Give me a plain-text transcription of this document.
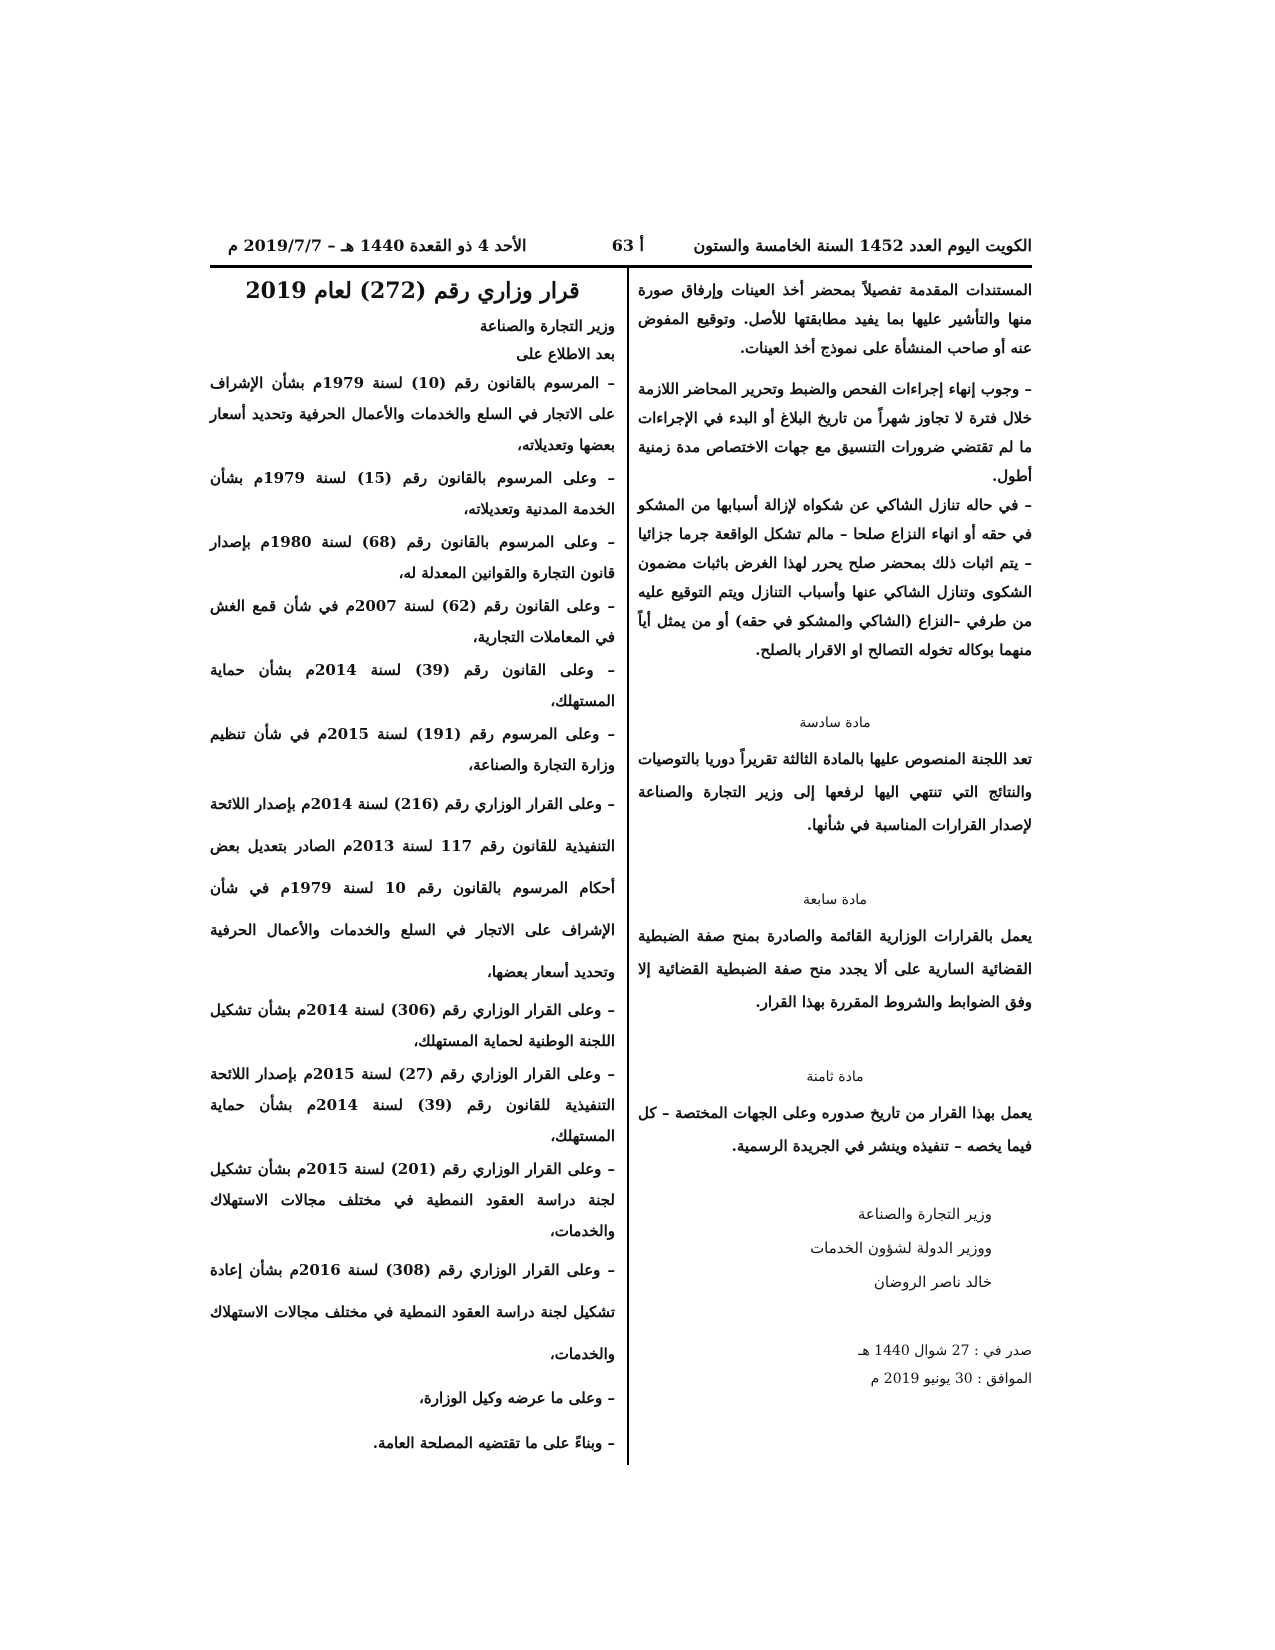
الكويت اليوم العدد 1452 السنة الخامسة والستون
أ 63
الأحد 4 ذو القعدة 1440 هـ – 2019/7/7 م

المستندات المقدمة تفصيلاً بمحضر أخذ العينات وإرفاق صورة منها والتأشير عليها بما يفيد مطابقتها للأصل. وتوقيع المفوض عنه أو صاحب المنشأة على نموذج أخذ العينات.

– وجوب إنهاء إجراءات الفحص والضبط وتحرير المحاضر اللازمة خلال فترة لا تجاوز شهراً من تاريخ البلاغ أو البدء في الإجراءات ما لم تقتضي ضرورات التنسيق مع جهات الاختصاص مدة زمنية أطول.

– في حاله تنازل الشاكي عن شكواه لإزالة أسبابها من المشكو في حقه أو انهاء النزاع صلحا – مالم تشكل الواقعة جرما جزائيا – يتم اثبات ذلك بمحضر صلح يحرر لهذا الغرض باثبات مضمون الشكوى وتنازل الشاكي عنها وأسباب التنازل ويتم التوقيع عليه من طرفي –النزاع (الشاكي والمشكو في حقه) أو من يمثل أياً منهما بوكاله تخوله التصالح او الاقرار بالصلح.

مادة سادسة

تعد اللجنة المنصوص عليها بالمادة الثالثة تقريراً دوريا بالتوصيات والنتائج التي تنتهي اليها لرفعها إلى وزير التجارة والصناعة لإصدار القرارات المناسبة في شأنها.

مادة سابعة

يعمل بالقرارات الوزارية القائمة والصادرة بمنح صفة الضبطية القضائية السارية على ألا يجدد منح صفة الضبطية القضائية إلا وفق الضوابط والشروط المقررة بهذا القرار.

مادة ثامنة

يعمل بهذا القرار من تاريخ صدوره وعلى الجهات المختصة – كل فيما يخصه – تنفيذه وينشر في الجريدة الرسمية.

وزير التجارة والصناعة

ووزير الدولة لشؤون الخدمات

خالد ناصر الروضان

صدر في : 27 شوال 1440 هـ

الموافق : 30 يونيو 2019 م

قرار وزاري رقم (272) لعام 2019

وزير التجارة والصناعة

بعد الاطلاع على

– المرسوم بالقانون رقم (10) لسنة 1979م بشأن الإشراف على الاتجار في السلع والخدمات والأعمال الحرفية وتحديد أسعار بعضها وتعديلاته،

– وعلى المرسوم بالقانون رقم (15) لسنة 1979م بشأن الخدمة المدنية وتعديلاته،

– وعلى المرسوم بالقانون رقم (68) لسنة 1980م بإصدار قانون التجارة والقوانين المعدلة له،

– وعلى القانون رقم (62) لسنة 2007م في شأن قمع الغش في المعاملات التجارية،

– وعلى القانون رقم (39) لسنة 2014م بشأن حماية المستهلك،

– وعلى المرسوم رقم (191) لسنة 2015م في شأن تنظيم وزارة التجارة والصناعة،

– وعلى القرار الوزاري رقم (216) لسنة 2014م بإصدار اللائحة التنفيذية للقانون رقم 117 لسنة 2013م الصادر بتعديل بعض أحكام المرسوم بالقانون رقم 10 لسنة 1979م في شأن الإشراف على الاتجار في السلع والخدمات والأعمال الحرفية وتحديد أسعار بعضها،

– وعلى القرار الوزاري رقم (306) لسنة 2014م بشأن تشكيل اللجنة الوطنية لحماية المستهلك،

– وعلى القرار الوزاري رقم (27) لسنة 2015م بإصدار اللائحة التنفيذية للقانون رقم (39) لسنة 2014م بشأن حماية المستهلك،

– وعلى القرار الوزاري رقم (201) لسنة 2015م بشأن تشكيل لجنة دراسة العقود النمطية في مختلف مجالات الاستهلاك والخدمات،

– وعلى القرار الوزاري رقم (308) لسنة 2016م بشأن إعادة تشكيل لجنة دراسة العقود النمطية في مختلف مجالات الاستهلاك والخدمات،

– وعلى ما عرضه وكيل الوزارة،

– وبناءً على ما تقتضيه المصلحة العامة.
